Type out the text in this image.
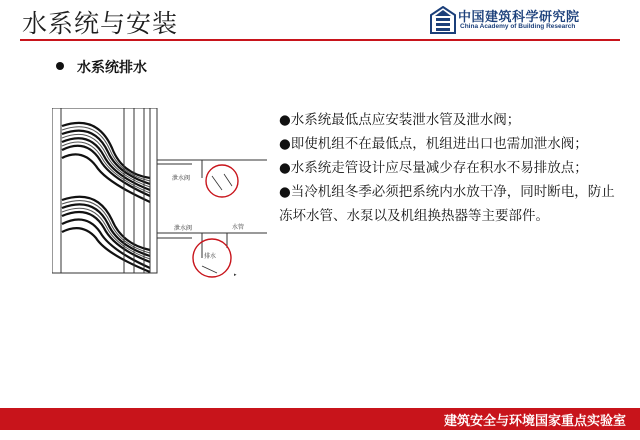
水系统与安装	中国建筑科学研究院
China Academy of Building Research
水系统排水
泄水阀
泄水阀	水管
排水
▸

●水系统最低点应安装泄水管及泄水阀；

●即使机组不在最低点，机组进出口也需加泄水阀；

●水系统走管设计应尽量减少存在积水不易排放点；

●当冷机组冬季必须把系统内水放干净，同时断电，防止冻坏水管、水泵以及机组换热器等主要部件。

建筑安全与环境国家重点实验室
